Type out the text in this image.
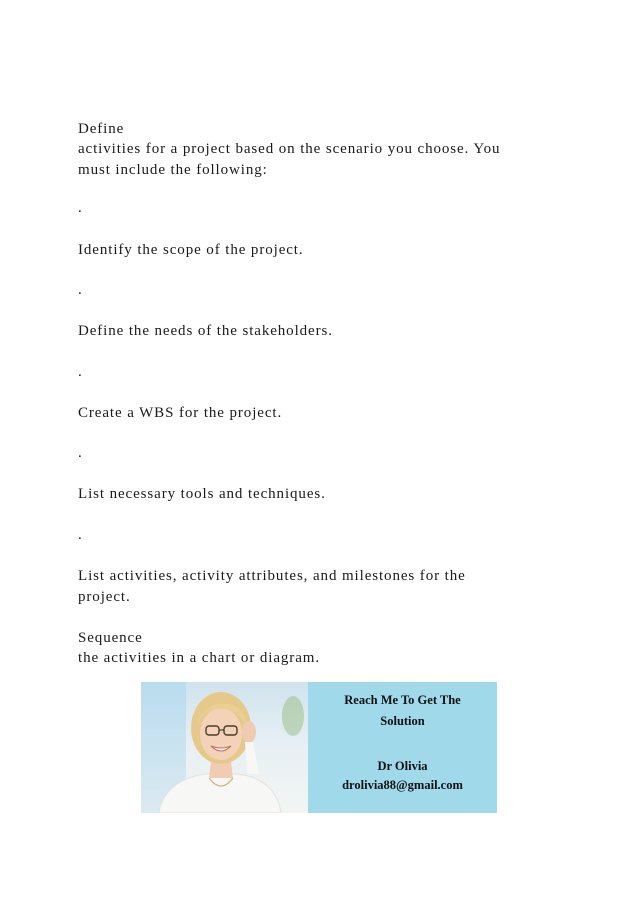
Define
activities for a project based on the scenario you choose. You
must include the following:
.
Identify the scope of the project.
.
Define the needs of the stakeholders.
.
Create a WBS for the project.
.
List necessary tools and techniques.
.
List activities, activity attributes, and milestones for the
project.
Sequence
the activities in a chart or diagram.
Reach Me To Get The
Solution
Dr Olivia
drolivia88@gmail.com
